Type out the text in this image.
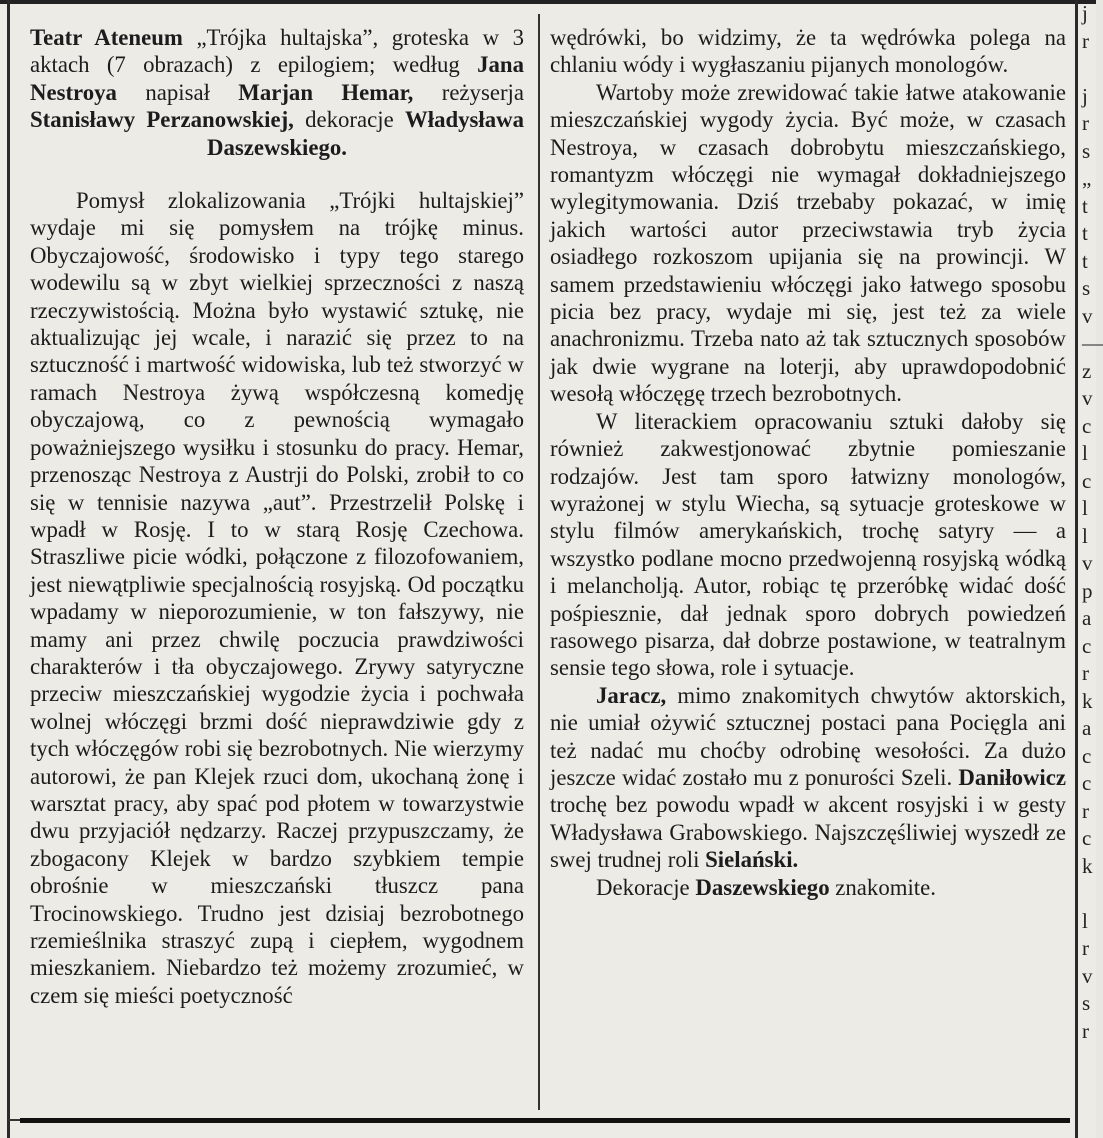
Teatr Ateneum „Trójka hultajska”, groteska w 3 aktach (7 obrazach) z epilogiem; według Jana Nestroya napisał Marjan Hemar, reżyserja Stanisławy Perzanowskiej, dekoracje Władysława Daszewskiego.

Pomysł zlokalizowania „Trójki hultajskiej” wydaje mi się pomysłem na trójkę minus. Obyczajowość, środowisko i typy tego starego wodewilu są w zbyt wielkiej sprzeczności z naszą rzeczywistością. Można było wystawić sztukę, nie aktualizując jej wcale, i narazić się przez to na sztuczność i martwość widowiska, lub też stworzyć w ramach Nestroya żywą współczesną komedję obyczajową, co z pewnością wymagało poważniejszego wysiłku i stosunku do pracy. Hemar, przenosząc Nestroya z Austrji do Polski, zrobił to co się w tennisie nazywa „aut”. Przestrzelił Polskę i wpadł w Rosję. I to w starą Rosję Czechowa. Straszliwe picie wódki, połączone z filozofowaniem, jest niewątpliwie specjalnością rosyjską. Od początku wpadamy w nieporozumienie, w ton fałszywy, nie mamy ani przez chwilę poczucia prawdziwości charakterów i tła obyczajowego. Zrywy satyryczne przeciw mieszczańskiej wygodzie życia i pochwała wolnej włóczęgi brzmi dość nieprawdziwie gdy z tych włóczęgów robi się bezrobotnych. Nie wierzymy autorowi, że pan Klejek rzuci dom, ukochaną żonę i warsztat pracy, aby spać pod płotem w towarzystwie dwu przyjaciół nędzarzy. Raczej przypuszczamy, że zbogacony Klejek w bardzo szybkiem tempie obrośnie w mieszczański tłuszcz pana Trocinowskiego. Trudno jest dzisiaj bezrobotnego rzemieślnika straszyć zupą i ciepłem, wygodnem mieszkaniem. Niebardzo też możemy zrozumieć, w czem się mieści poetyczność

wędrówki, bo widzimy, że ta wędrówka polega na chlaniu wódy i wygłaszaniu pijanych monologów.

Wartoby może zrewidować takie łatwe atakowanie mieszczańskiej wygody życia. Być może, w czasach Nestroya, w czasach dobrobytu mieszczańskiego, romantyzm włóczęgi nie wymagał dokładniejszego wylegitymowania. Dziś trzebaby pokazać, w imię jakich wartości autor przeciwstawia tryb życia osiadłego rozkoszom upijania się na prowincji. W samem przedstawieniu włóczęgi jako łatwego sposobu picia bez pracy, wydaje mi się, jest też za wiele anachronizmu. Trzeba nato aż tak sztucznych sposobów jak dwie wygrane na loterji, aby uprawdopodobnić wesołą włóczęgę trzech bezrobotnych.

W literackiem opracowaniu sztuki dałoby się również zakwestjonować zbytnie pomieszanie rodzajów. Jest tam sporo łatwizny monologów, wyrażonej w stylu Wiecha, są sytuacje groteskowe w stylu filmów amerykańskich, trochę satyry — a wszystko podlane mocno przedwojenną rosyjską wódką i melancholją. Autor, robiąc tę przeróbkę widać dość pośpiesznie, dał jednak sporo dobrych powiedzeń rasowego pisarza, dał dobrze postawione, w teatralnym sensie tego słowa, role i sytuacje.

Jaracz, mimo znakomitych chwytów aktorskich, nie umiał ożywić sztucznej postaci pana Pocięgla ani też nadać mu choćby odrobinę wesołości. Za dużo jeszcze widać zostało mu z ponurości Szeli. Daniłowicz trochę bez powodu wpadł w akcent rosyjski i w gesty Władysława Grabowskiego. Najszczęśliwiej wyszedł ze swej trudnej roli Sielański.

Dekoracje Daszewskiego znakomite.

j
r

j
r
s
„
t
t
t
s
v
—
z
v
c
l
c
l
l
v
p
a
c
r
k
a
c
c
r
c
k

l
r
v
s
r
